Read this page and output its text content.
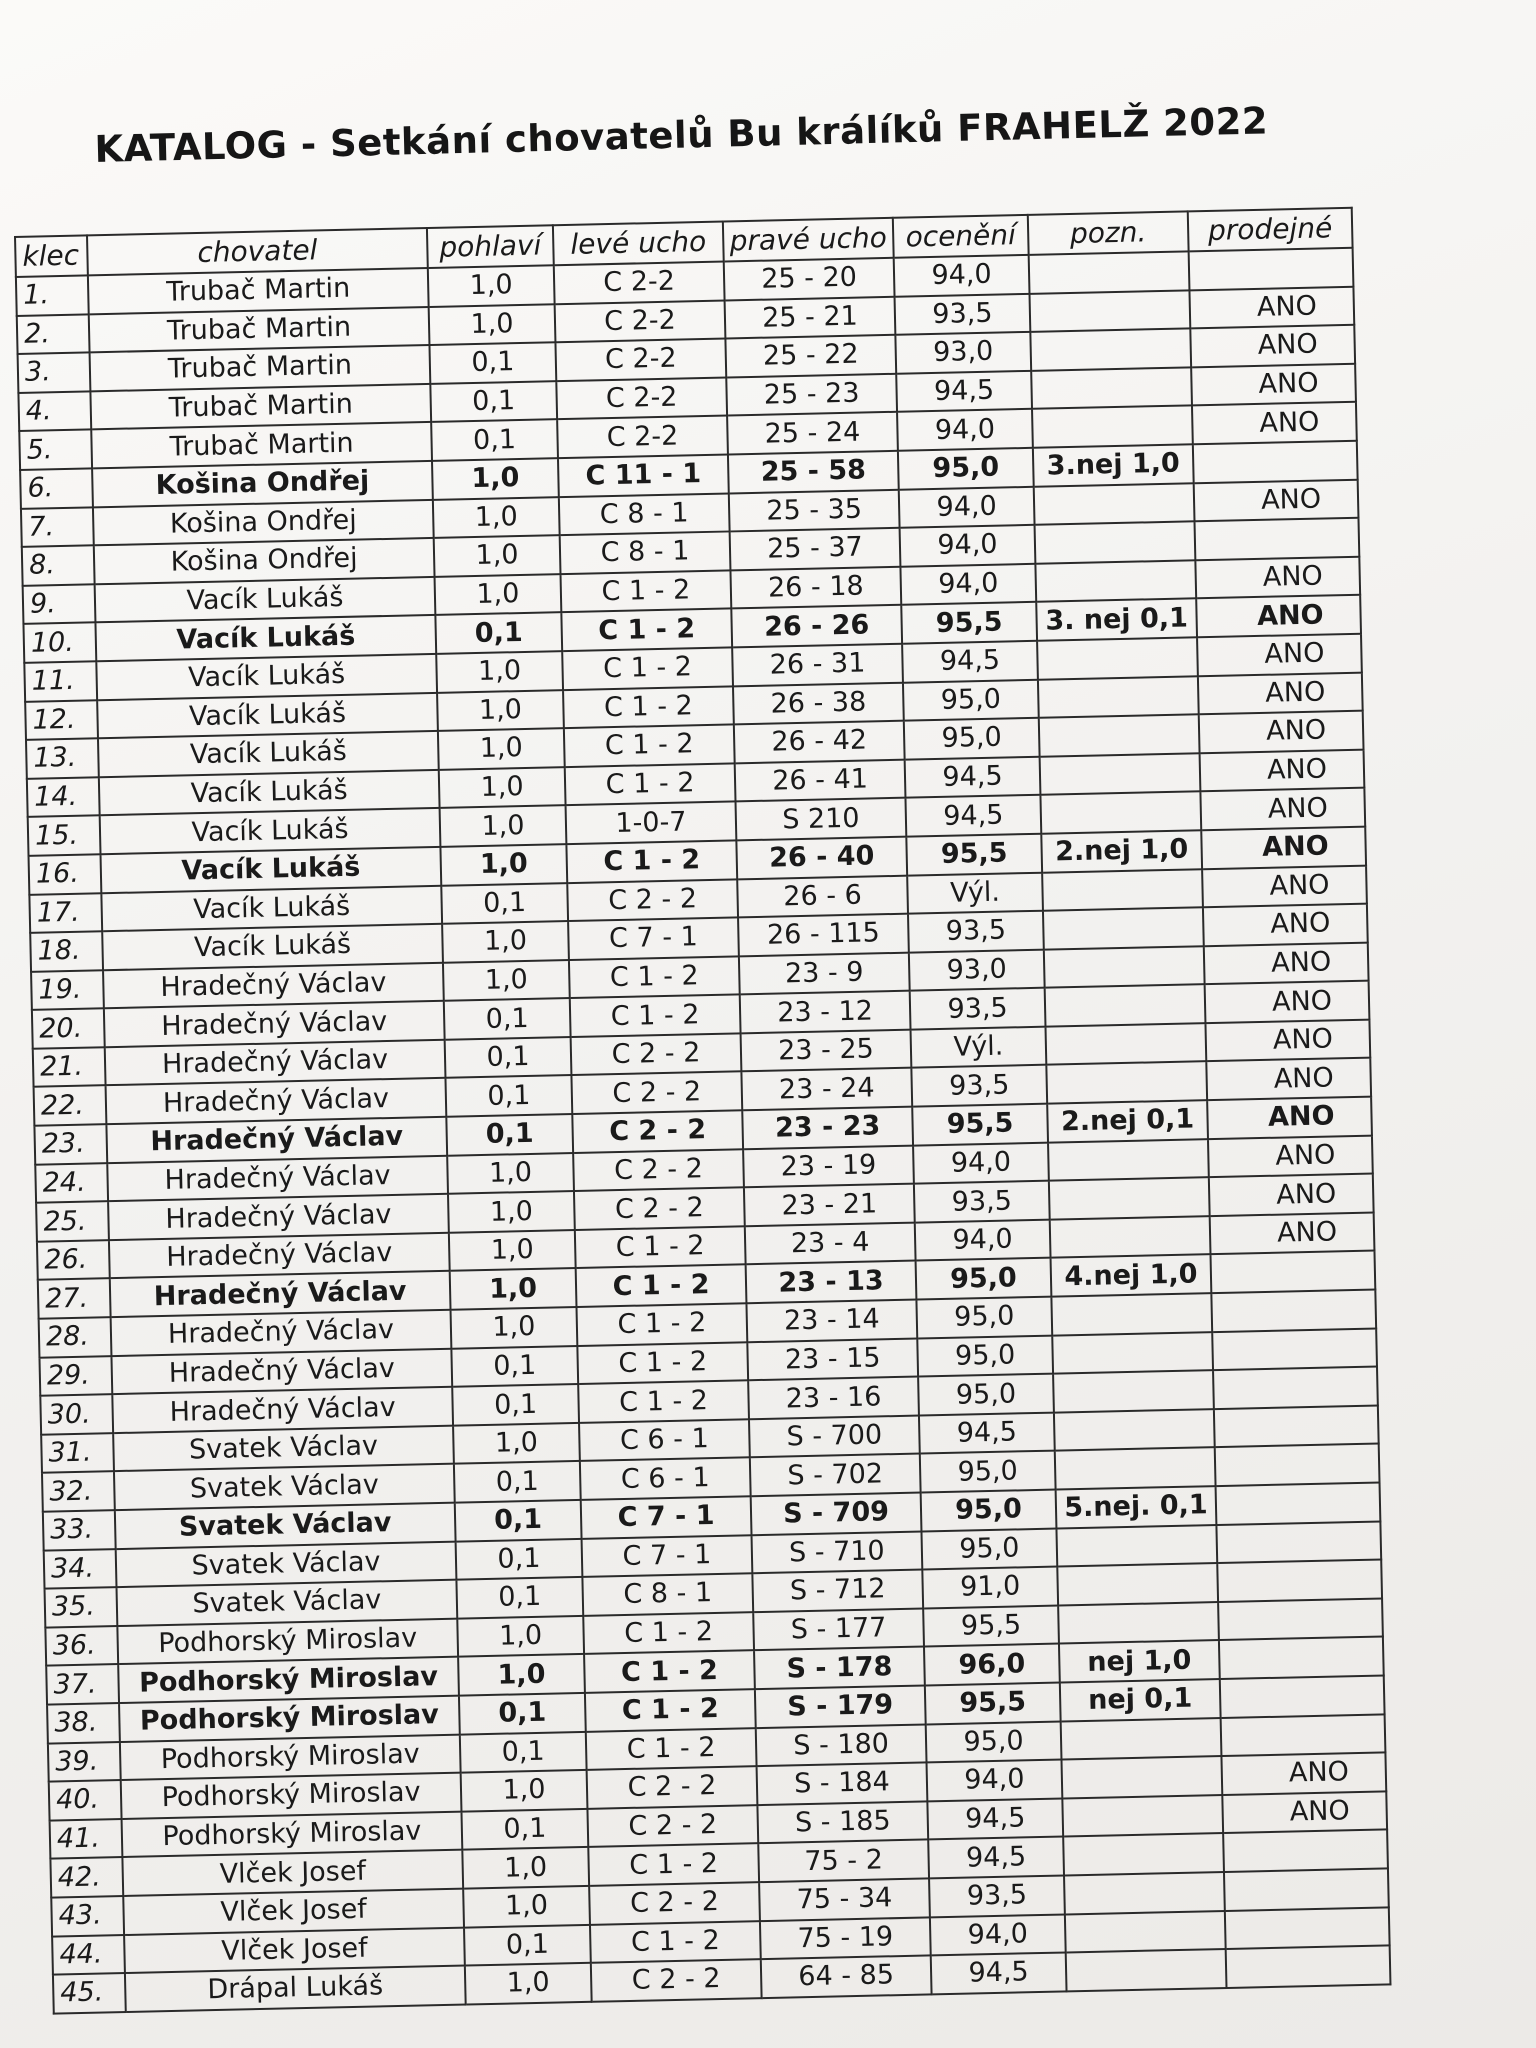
KATALOG - Setkání chovatelů Bu králíků FRAHELŽ 2022
klec	chovatel	pohlaví	levé ucho	pravé ucho	ocenění	pozn.	prodejné
1.	Trubač Martin	1,0	C 2-2	25 - 20	94,0		
2.	Trubač Martin	1,0	C 2-2	25 - 21	93,5		ANO
3.	Trubač Martin	0,1	C 2-2	25 - 22	93,0		ANO
4.	Trubač Martin	0,1	C 2-2	25 - 23	94,5		ANO
5.	Trubač Martin	0,1	C 2-2	25 - 24	94,0		ANO
6.	Košina Ondřej	1,0	C 11 - 1	25 - 58	95,0	3.nej 1,0	
7.	Košina Ondřej	1,0	C 8 - 1	25 - 35	94,0		ANO
8.	Košina Ondřej	1,0	C 8 - 1	25 - 37	94,0		
9.	Vacík Lukáš	1,0	C 1 - 2	26 - 18	94,0		ANO
10.	Vacík Lukáš	0,1	C 1 - 2	26 - 26	95,5	3. nej 0,1	ANO
11.	Vacík Lukáš	1,0	C 1 - 2	26 - 31	94,5		ANO
12.	Vacík Lukáš	1,0	C 1 - 2	26 - 38	95,0		ANO
13.	Vacík Lukáš	1,0	C 1 - 2	26 - 42	95,0		ANO
14.	Vacík Lukáš	1,0	C 1 - 2	26 - 41	94,5		ANO
15.	Vacík Lukáš	1,0	1-0-7	S 210	94,5		ANO
16.	Vacík Lukáš	1,0	C 1 - 2	26 - 40	95,5	2.nej 1,0	ANO
17.	Vacík Lukáš	0,1	C 2 - 2	26 - 6	Výl.		ANO
18.	Vacík Lukáš	1,0	C 7 - 1	26 - 115	93,5		ANO
19.	Hradečný Václav	1,0	C 1 - 2	23 - 9	93,0		ANO
20.	Hradečný Václav	0,1	C 1 - 2	23 - 12	93,5		ANO
21.	Hradečný Václav	0,1	C 2 - 2	23 - 25	Výl.		ANO
22.	Hradečný Václav	0,1	C 2 - 2	23 - 24	93,5		ANO
23.	Hradečný Václav	0,1	C 2 - 2	23 - 23	95,5	2.nej 0,1	ANO
24.	Hradečný Václav	1,0	C 2 - 2	23 - 19	94,0		ANO
25.	Hradečný Václav	1,0	C 2 - 2	23 - 21	93,5		ANO
26.	Hradečný Václav	1,0	C 1 - 2	23 - 4	94,0		ANO
27.	Hradečný Václav	1,0	C 1 - 2	23 - 13	95,0	4.nej 1,0	
28.	Hradečný Václav	1,0	C 1 - 2	23 - 14	95,0		
29.	Hradečný Václav	0,1	C 1 - 2	23 - 15	95,0		
30.	Hradečný Václav	0,1	C 1 - 2	23 - 16	95,0		
31.	Svatek Václav	1,0	C 6 - 1	S - 700	94,5		
32.	Svatek Václav	0,1	C 6 - 1	S - 702	95,0		
33.	Svatek Václav	0,1	C 7 - 1	S - 709	95,0	5.nej. 0,1	
34.	Svatek Václav	0,1	C 7 - 1	S - 710	95,0		
35.	Svatek Václav	0,1	C 8 - 1	S - 712	91,0		
36.	Podhorský Miroslav	1,0	C 1 - 2	S - 177	95,5		
37.	Podhorský Miroslav	1,0	C 1 - 2	S - 178	96,0	nej 1,0	
38.	Podhorský Miroslav	0,1	C 1 - 2	S - 179	95,5	nej 0,1	
39.	Podhorský Miroslav	0,1	C 1 - 2	S - 180	95,0		
40.	Podhorský Miroslav	1,0	C 2 - 2	S - 184	94,0		ANO
41.	Podhorský Miroslav	0,1	C 2 - 2	S - 185	94,5		ANO
42.	Vlček Josef	1,0	C 1 - 2	75 - 2	94,5		
43.	Vlček Josef	1,0	C 2 - 2	75 - 34	93,5		
44.	Vlček Josef	0,1	C 1 - 2	75 - 19	94,0		
45.	Drápal Lukáš	1,0	C 2 - 2	64 - 85	94,5		
